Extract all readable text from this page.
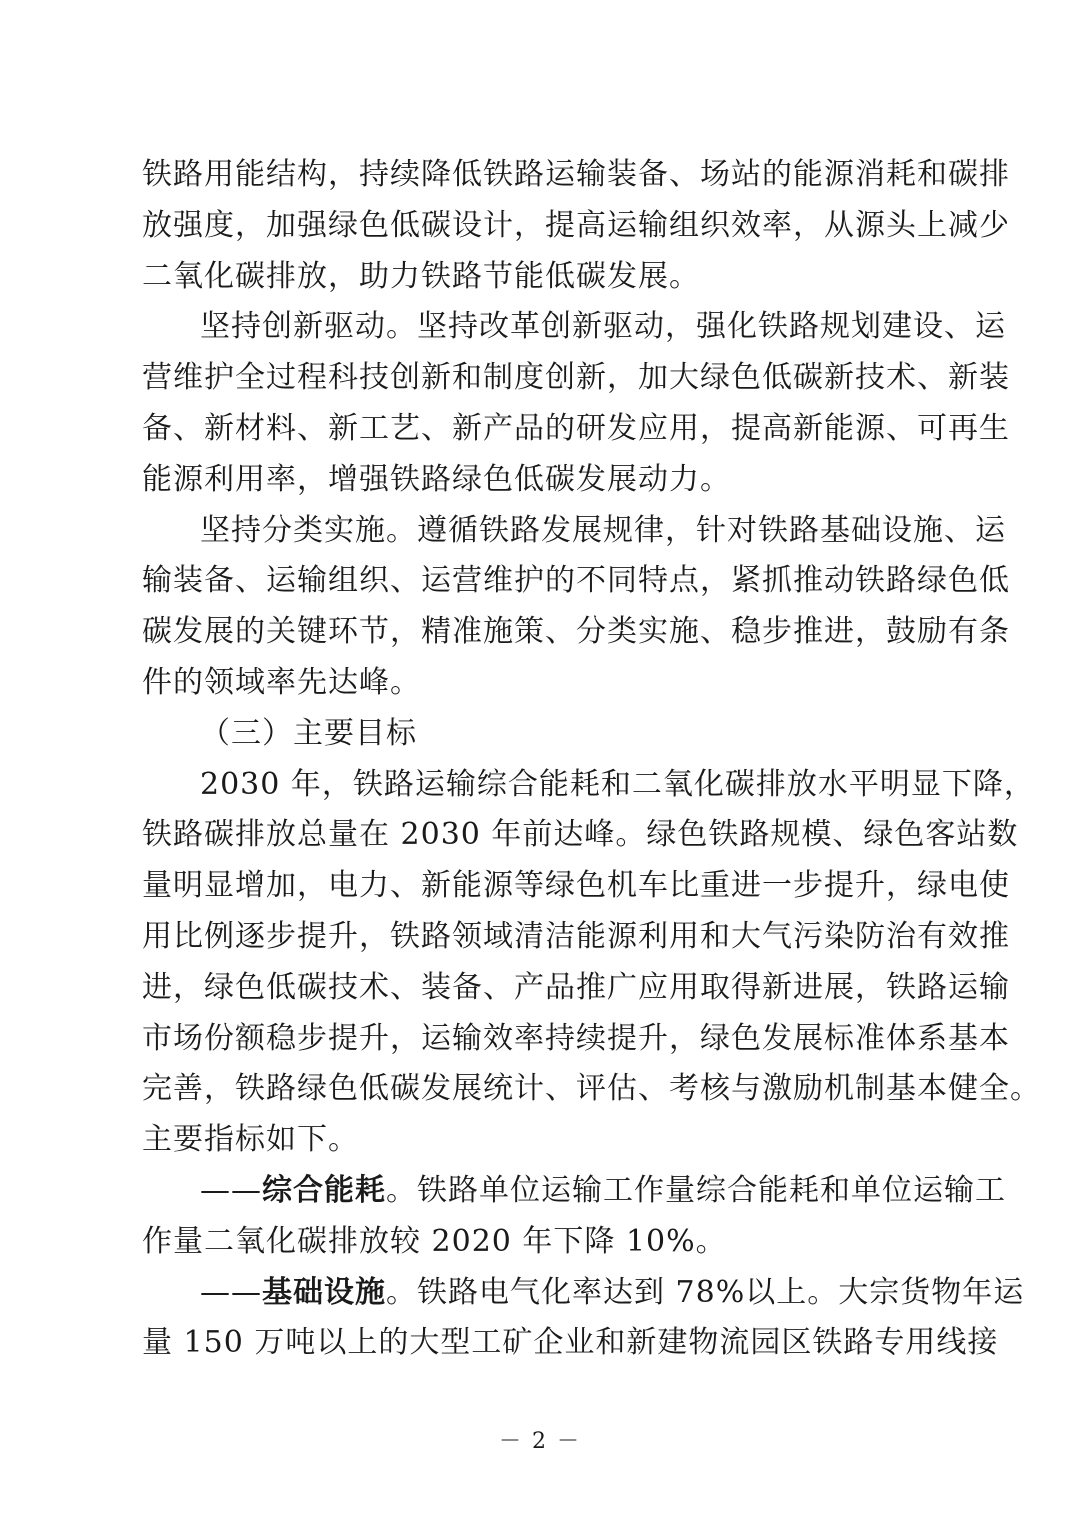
铁路用能结构，持续降低铁路运输装备、场站的能源消耗和碳排
放强度，加强绿色低碳设计，提高运输组织效率，从源头上减少
二氧化碳排放，助力铁路节能低碳发展。
坚持创新驱动。坚持改革创新驱动，强化铁路规划建设、运
营维护全过程科技创新和制度创新，加大绿色低碳新技术、新装
备、新材料、新工艺、新产品的研发应用，提高新能源、可再生
能源利用率，增强铁路绿色低碳发展动力。
坚持分类实施。遵循铁路发展规律，针对铁路基础设施、运
输装备、运输组织、运营维护的不同特点，紧抓推动铁路绿色低
碳发展的关键环节，精准施策、分类实施、稳步推进，鼓励有条
件的领域率先达峰。
（三）主要目标
2030 年，铁路运输综合能耗和二氧化碳排放水平明显下降，
铁路碳排放总量在 2030 年前达峰。绿色铁路规模、绿色客站数
量明显增加，电力、新能源等绿色机车比重进一步提升，绿电使
用比例逐步提升，铁路领域清洁能源利用和大气污染防治有效推
进，绿色低碳技术、装备、产品推广应用取得新进展，铁路运输
市场份额稳步提升，运输效率持续提升，绿色发展标准体系基本
完善，铁路绿色低碳发展统计、评估、考核与激励机制基本健全。
主要指标如下。
——综合能耗。铁路单位运输工作量综合能耗和单位运输工
作量二氧化碳排放较 2020 年下降 10%。
——基础设施。铁路电气化率达到 78%以上。大宗货物年运
量 150 万吨以上的大型工矿企业和新建物流园区铁路专用线接
－ 2 －
